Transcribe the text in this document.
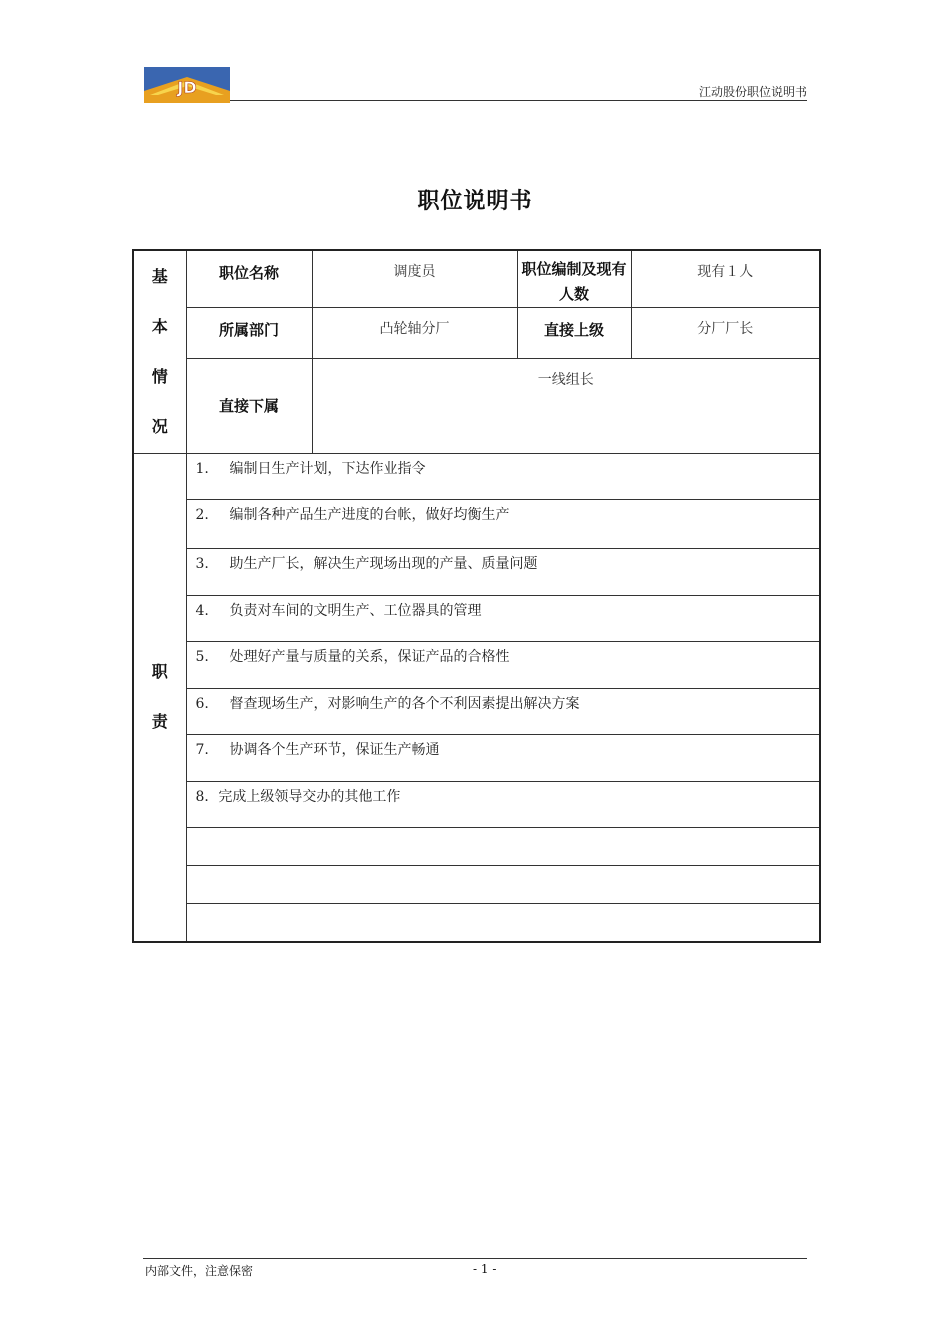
JD	江动股份职位说明书
职位说明书
基
本
情
况	职位名称	调度员	职位编制及现有人数	现有１人
	所属部门	凸轮轴分厂	直接上级	分厂厂长
	直接下属	一线组长		

职
责	1. 编制日生产计划，下达作业指令			
	2. 编制各种产品生产进度的台帐，做好均衡生产			
	3. 助生产厂长，解决生产现场出现的产量、质量问题			
	4. 负责对车间的文明生产、工位器具的管理			
	5. 处理好产量与质量的关系，保证产品的合格性			
	6. 督查现场生产，对影响生产的各个不利因素提出解决方案			
	7. 协调各个生产环节，保证生产畅通			
	8．完成上级领导交办的其他工作			

内部文件，注意保密	- 1 -
